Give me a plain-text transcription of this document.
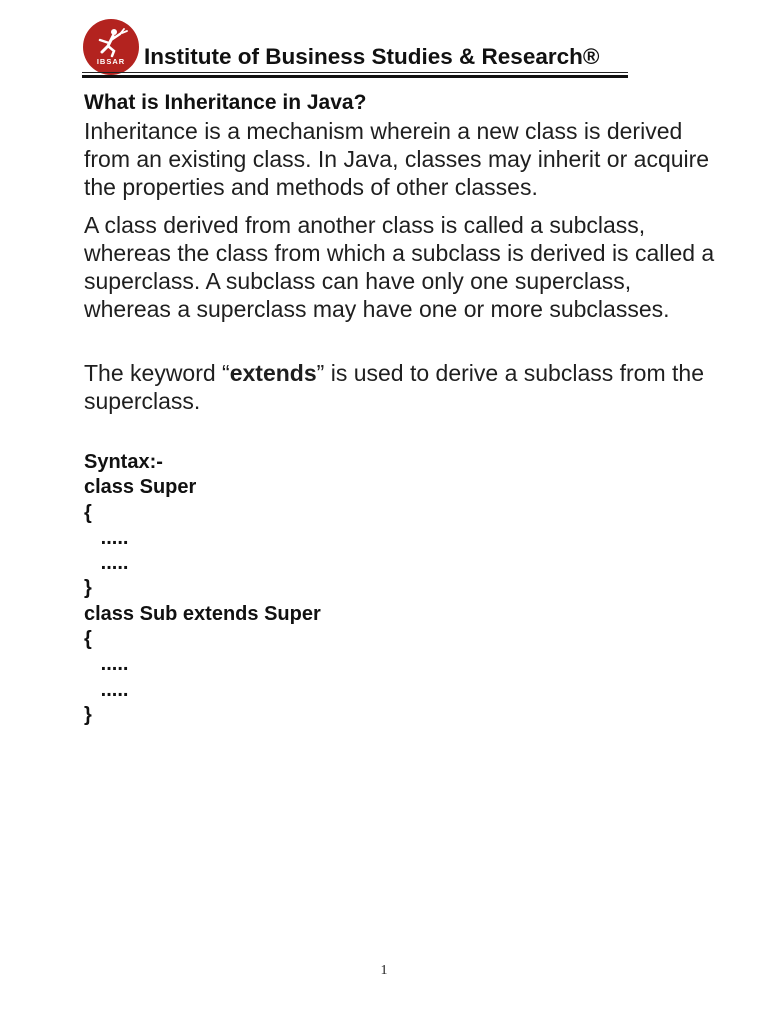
IBSAR Institute of Business Studies & Research®
What is Inheritance in Java?

Inheritance is a mechanism wherein a new class is derived from an existing class. In Java, classes may inherit or acquire the properties and methods of other classes.

A class derived from another class is called a subclass, whereas the class from which a subclass is derived is called a superclass. A subclass can have only one superclass, whereas a superclass may have one or more subclasses.

The keyword “extends” is used to derive a subclass from the superclass.

Syntax:-
class Super
{
.....
.....
}
class Sub extends Super
{
.....
.....
}
1
